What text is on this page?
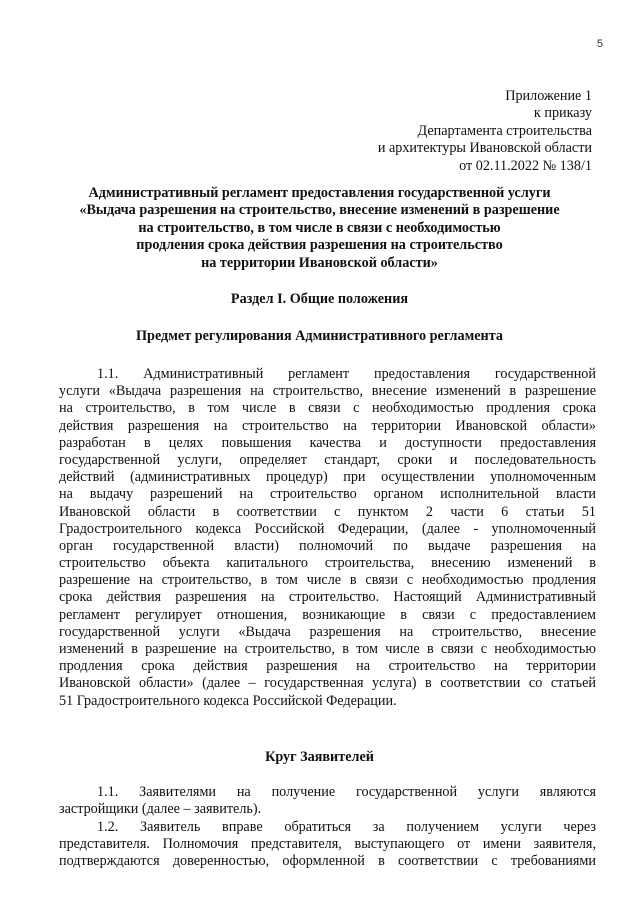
5
Приложение 1
к приказу
Департамента строительства
и архитектуры Ивановской области
от 02.11.2022 № 138/1
Административный регламент предоставления государственной услуги
«Выдача разрешения на строительство, внесение изменений в разрешение
на строительство, в том числе в связи с необходимостью
продления срока действия разрешения на строительство
на территории Ивановской области»
Раздел I. Общие положения
Предмет регулирования Административного регламента
1.1. Административный регламент предоставления государственной
услуги «Выдача разрешения на строительство, внесение изменений в разрешение
на строительство, в том числе в связи с необходимостью продления срока
действия разрешения на строительство на территории Ивановской области»
разработан в целях повышения качества и доступности предоставления
государственной услуги, определяет стандарт, сроки и последовательность
действий (административных процедур) при осуществлении уполномоченным
на выдачу разрешений на строительство органом исполнительной власти
Ивановской области в соответствии с пунктом 2 части 6 статьи 51
Градостроительного кодекса Российской Федерации, (далее - уполномоченный
орган государственной власти) полномочий по выдаче разрешения на
строительство объекта капитального строительства, внесению изменений в
разрешение на строительство, в том числе в связи с необходимостью продления
срока действия разрешения на строительство. Настоящий Административный
регламент регулирует отношения, возникающие в связи с предоставлением
государственной услуги «Выдача разрешения на строительство, внесение
изменений в разрешение на строительство, в том числе в связи с необходимостью
продления срока действия разрешения на строительство на территории
Ивановской области» (далее – государственная услуга) в соответствии со статьей
51 Градостроительного кодекса Российской Федерации.
Круг Заявителей
1.1. Заявителями на получение государственной услуги являются
застройщики (далее – заявитель).
1.2. Заявитель вправе обратиться за получением услуги через
представителя. Полномочия представителя, выступающего от имени заявителя,
подтверждаются доверенностью, оформленной в соответствии с требованиями
